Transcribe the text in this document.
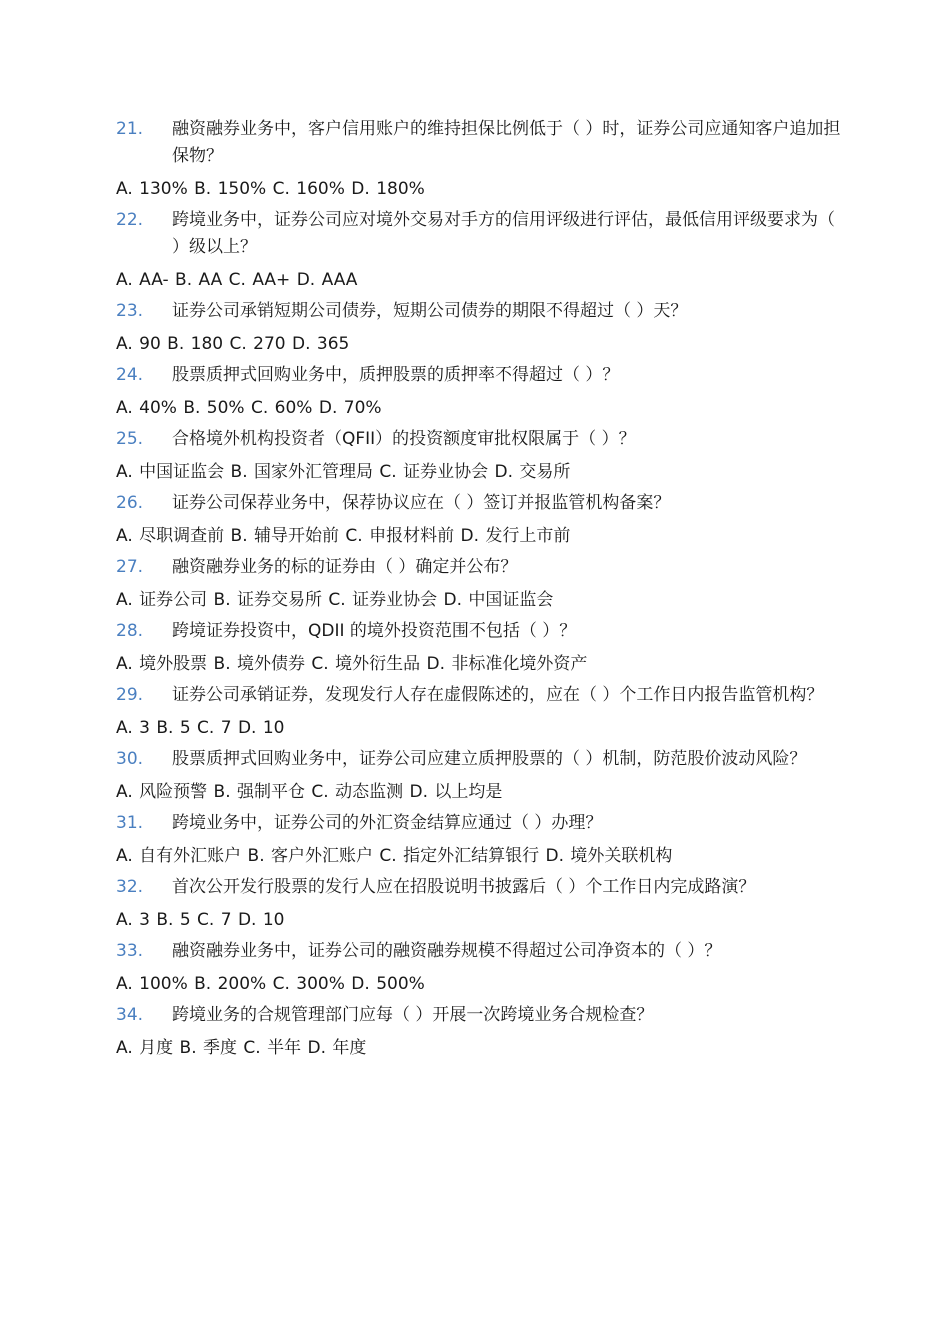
21. 融资融券业务中，客户信用账户的维持担保比例低于（ ）时，证券公司应通知客户追加担保物？
A. 130% B. 150% C. 160% D. 180%
22. 跨境业务中，证券公司应对境外交易对手方的信用评级进行评估，最低信用评级要求为（ ）级以上？
A. AA- B. AA C. AA+ D. AAA
23. 证券公司承销短期公司债券，短期公司债券的期限不得超过（ ）天？
A. 90 B. 180 C. 270 D. 365
24. 股票质押式回购业务中，质押股票的质押率不得超过（ ）？
A. 40% B. 50% C. 60% D. 70%
25. 合格境外机构投资者（QFII）的投资额度审批权限属于（ ）？
A. 中国证监会 B. 国家外汇管理局 C. 证券业协会 D. 交易所
26. 证券公司保荐业务中，保荐协议应在（ ）签订并报监管机构备案？
A. 尽职调查前 B. 辅导开始前 C. 申报材料前 D. 发行上市前
27. 融资融券业务的标的证券由（ ）确定并公布？
A. 证券公司 B. 证券交易所 C. 证券业协会 D. 中国证监会
28. 跨境证券投资中，QDII 的境外投资范围不包括（ ）？
A. 境外股票 B. 境外债券 C. 境外衍生品 D. 非标准化境外资产
29. 证券公司承销证券，发现发行人存在虚假陈述的，应在（ ）个工作日内报告监管机构？
A. 3 B. 5 C. 7 D. 10
30. 股票质押式回购业务中，证券公司应建立质押股票的（ ）机制，防范股价波动风险？
A. 风险预警 B. 强制平仓 C. 动态监测 D. 以上均是
31. 跨境业务中，证券公司的外汇资金结算应通过（ ）办理？
A. 自有外汇账户 B. 客户外汇账户 C. 指定外汇结算银行 D. 境外关联机构
32. 首次公开发行股票的发行人应在招股说明书披露后（ ）个工作日内完成路演？
A. 3 B. 5 C. 7 D. 10
33. 融资融券业务中，证券公司的融资融券规模不得超过公司净资本的（ ）？
A. 100% B. 200% C. 300% D. 500%
34. 跨境业务的合规管理部门应每（ ）开展一次跨境业务合规检查？
A. 月度 B. 季度 C. 半年 D. 年度
